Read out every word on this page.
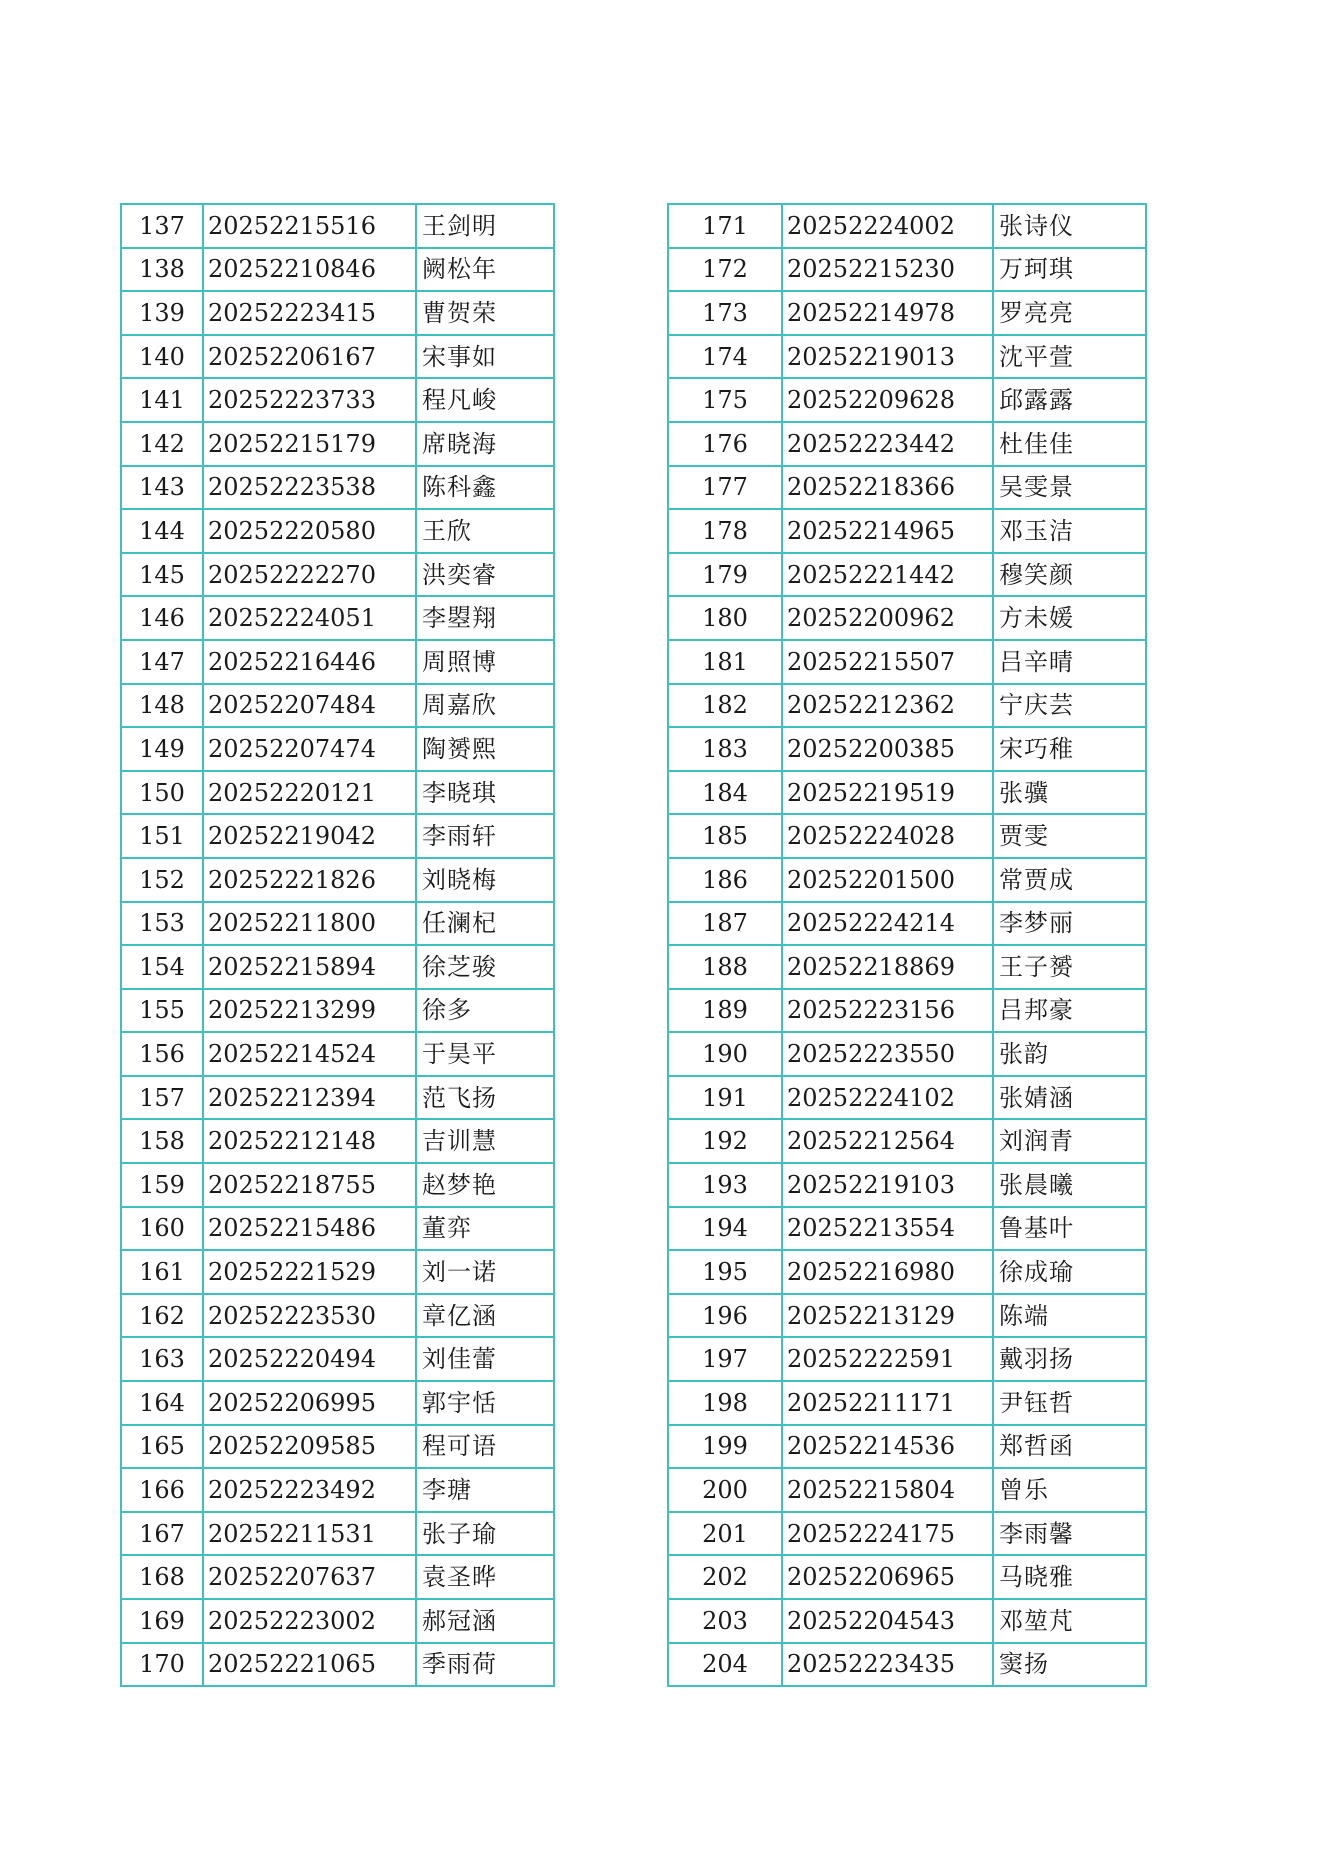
137	20252215516	王剑明
138	20252210846	阙松年
139	20252223415	曹贺荣
140	20252206167	宋事如
141	20252223733	程凡峻
142	20252215179	席晓海
143	20252223538	陈科鑫
144	20252220580	王欣
145	20252222270	洪奕睿
146	20252224051	李曌翔
147	20252216446	周照博
148	20252207484	周嘉欣
149	20252207474	陶赟熙
150	20252220121	李晓琪
151	20252219042	李雨轩
152	20252221826	刘晓梅
153	20252211800	任澜杞
154	20252215894	徐芝骏
155	20252213299	徐多
156	20252214524	于昊平
157	20252212394	范飞扬
158	20252212148	吉训慧
159	20252218755	赵梦艳
160	20252215486	董弈
161	20252221529	刘一诺
162	20252223530	章亿涵
163	20252220494	刘佳蕾
164	20252206995	郭宇恬
165	20252209585	程可语
166	20252223492	李瑭
167	20252211531	张子瑜
168	20252207637	袁圣晔
169	20252223002	郝冠涵
170	20252221065	季雨荷
171	20252224002	张诗仪
172	20252215230	万珂琪
173	20252214978	罗亮亮
174	20252219013	沈平萱
175	20252209628	邱露露
176	20252223442	杜佳佳
177	20252218366	吴雯景
178	20252214965	邓玉洁
179	20252221442	穆笑颜
180	20252200962	方未媛
181	20252215507	吕辛晴
182	20252212362	宁庆芸
183	20252200385	宋巧稚
184	20252219519	张骥
185	20252224028	贾雯
186	20252201500	常贾成
187	20252224214	李梦丽
188	20252218869	王子赟
189	20252223156	吕邦豪
190	20252223550	张韵
191	20252224102	张婧涵
192	20252212564	刘润青
193	20252219103	张晨曦
194	20252213554	鲁基叶
195	20252216980	徐成瑜
196	20252213129	陈端
197	20252222591	戴羽扬
198	20252211171	尹钰哲
199	20252214536	郑哲函
200	20252215804	曾乐
201	20252224175	李雨馨
202	20252206965	马晓雅
203	20252204543	邓堃芃
204	20252223435	窦扬
